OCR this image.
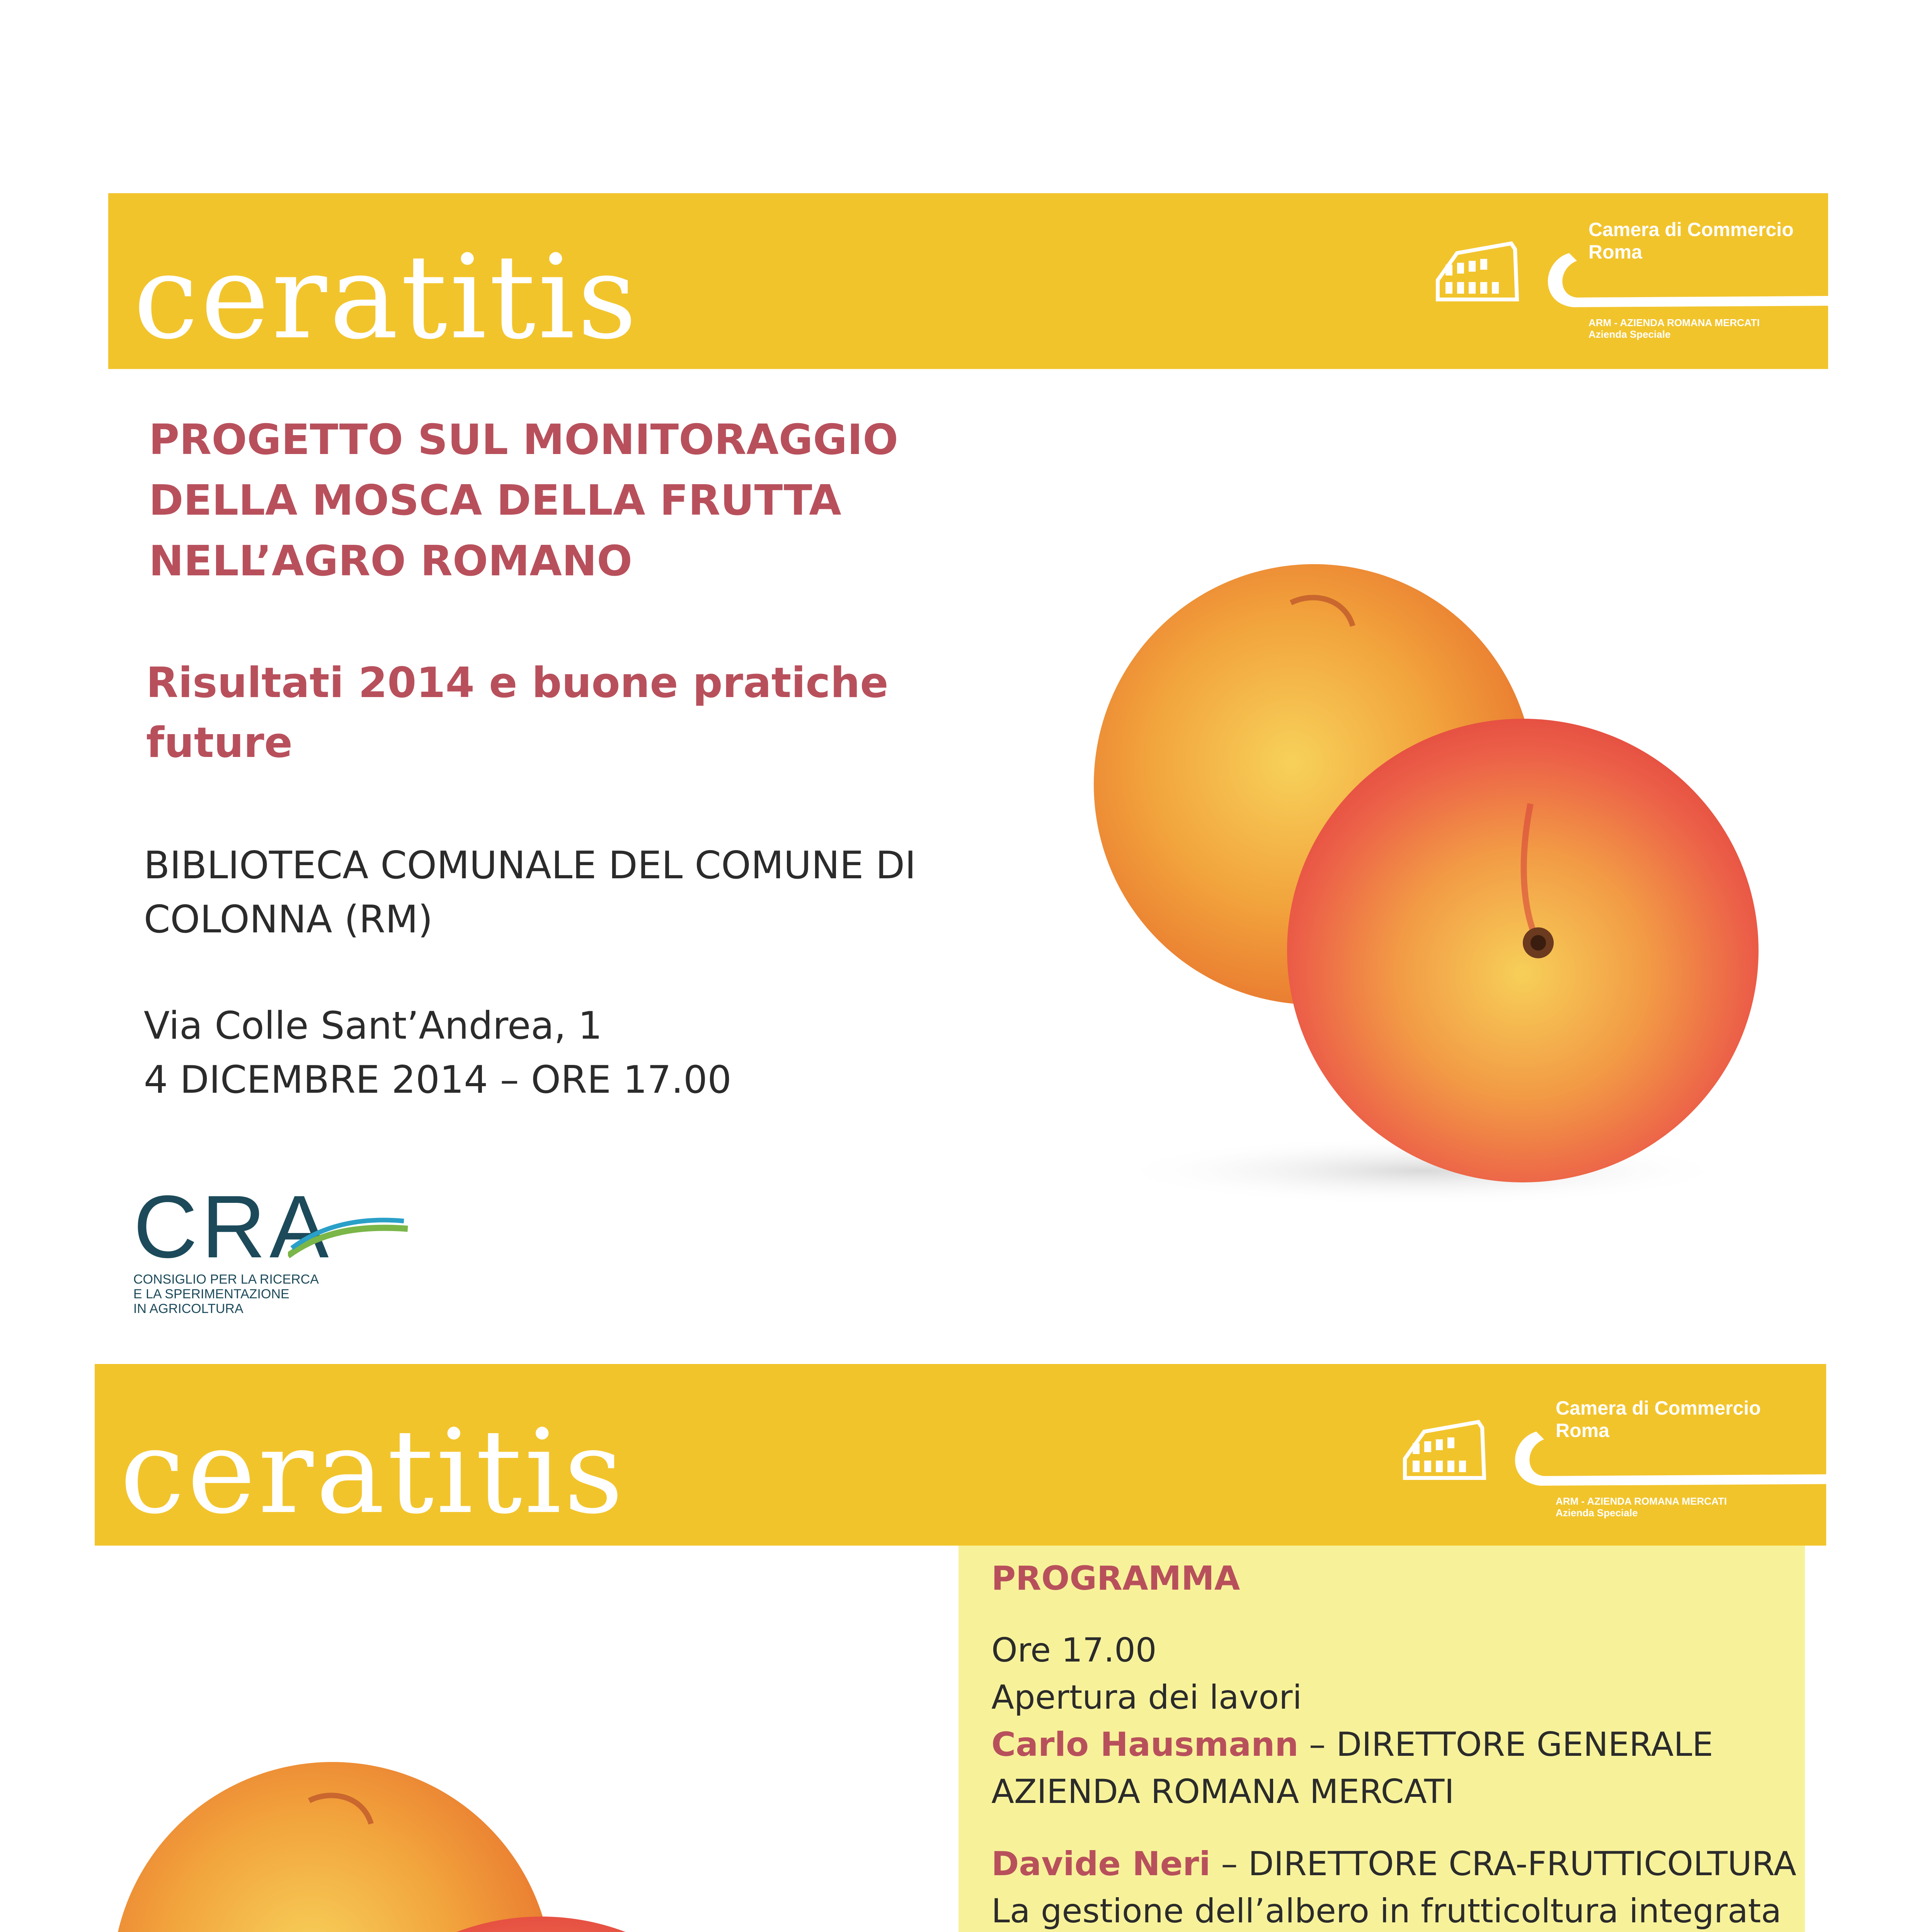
ceratitis
Camera di Commercio
Roma
ARM - AZIENDA ROMANA MERCATI
Azienda Speciale
PROGETTO SUL MONITORAGGIO
DELLA MOSCA DELLA FRUTTA
NELL’AGRO ROMANO
Risultati 2014 e buone pratiche
future
BIBLIOTECA COMUNALE DEL COMUNE DI
COLONNA (RM)
Via Colle Sant’Andrea, 1
4 DICEMBRE 2014 – ORE 17.00
CRA
CONSIGLIO PER LA RICERCA
E LA SPERIMENTAZIONE
IN AGRICOLTURA
ceratitis	Camera di Commercio
Roma
ARM - AZIENDA ROMANA MERCATI
Azienda Speciale
PROGRAMMA
Ore 17.00
Apertura dei lavori
Carlo Hausmann – DIRETTORE GENERALE
AZIENDA ROMANA MERCATI
Davide Neri – DIRETTORE CRA-FRUTTICOLTURA
La gestione dell’albero in frutticoltura integrata
